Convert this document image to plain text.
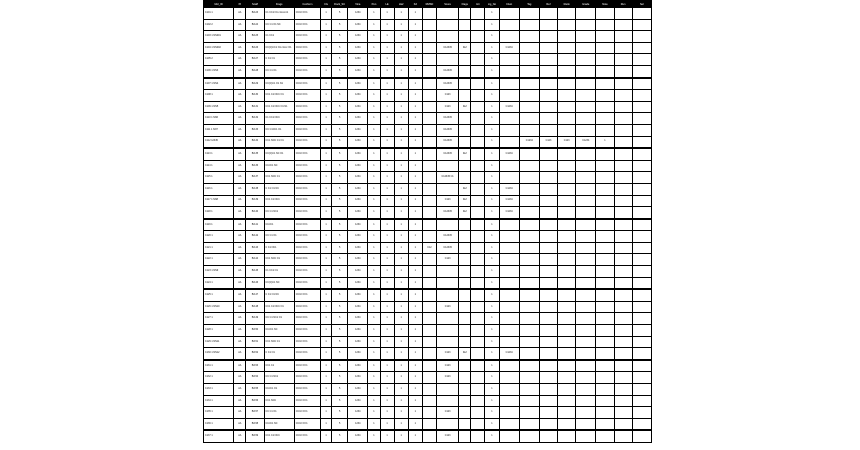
Mol_ID	Pt	Scaff	Frags	Conform	Cls	Dock_SC	Vina	Pen	LE	LE2	Kd	RMSD	Score	Flags	Hit	Lig_No	Clust	Tag	Ref	Rank	Grade	Note	Run	Sel
C101 1	AA	Br123	C1 CC1 N1 c1ccccc1	CC1N O=1	1	5	1234	1	1	1	1					1								
C102 2	AA	Br124	CC C1 O1 NC	CC1N O=1	1	5	1234	1	1	1	1					1								
C103 1 NN001	AA	Br125	C1 CC1	CC1N O=1	1	5	1234	1	1	1	1					1								
C104 1 NN002	AA	Br126	CC(C)CC1 N1 c1ccc O1	CC1N O=1	1	5	1234	1	1	1	1		C12345	Ref		1	C1234							
C105 2	AA	Br127	C C1 O1	CC1N O=1	1	5	1234	1	1	1	1					1								
C106 1 NN3	AA	Br128	CC C1 O1	CC1N O=1	1	5	1234	1	1	1	1		C12345			1								
C107 1 NN4	AA	Br129	CC(C)C1 O1 N1	CC1N O=1	1	5	1234	1	1	1	1		C12345			1								
C108 1	AA	Br130	CC1 C1 NCC O1	CC1N O=1	1	5	1234	1	1	1	1		C123			1								
C109 1 NN5	AA	Br131	CC1 C1 NCC O1 N1	CC1N O=1	1	5	1234	1	1	1	1		C123	Ref		1	C1234							
C110 1 NN6	AA	Br132	C1 CC1 NCC	CC1N O=1	1	5	1234	1	1	1	1		C12345			1								
C111 1 NN7	AA	Br133	CC C1CC1 O1	CC1N O=1	1	5	1234	1	1	1	1		C12345			1								
C112 12345	AA	Br134	CC1 NCC C1 O1	CC1N O=1	1	5	1234	1	1	1	1		C12345			1		C1234	C123	C123	C1234	1		
C113 1	AA	Br135	CC(C)C1 NC O1	CC1N O=1	1	5	1234	1	1	1	1		C12345	Ref		1	C1234							
C114 1	AA	Br136	C1CC1 NC	CC1N O=1	1	5	1234	1	1	1	1					1								
C115 1	AA	Br137	CC1 NCC C1	CC1N O=1	1	5	1234	1	1	1	1		C12345 C1			1								
C116 1	AA	Br138	C C1 O1 NC	CC1N O=1	1	5	1234	1	1	1	1			Ref		1	C1234							
C117 1 NN8	AA	Br139	CC1 C1 NCC	CC1N O=1	1	5	1234	1	1	1	1		C123	Ref		1	C1234							
C118 1	AA	Br140	CC C1 NC1	CC1N O=1	1	5	1234	1	1	1	1		C12345	Ref		1	C1234							
C119 1	AA	Br141	C1CC1	CC1N O=1	1	5	1234	1	1	1	1					1								
C120 1	AA	Br142	CC C1 O1	CC1N O=1	1	5	1234	1	1	1	1		C12345			1								
C121 1	AA	Br143	C C1 NC1	CC1N O=1	1	5	1234	1	1	1	1	C12	C12345			1								
C122 1	AA	Br144	CC1 NCC O1	CC1N O=1	1	5	1234	1	1	1	1		C123			1								
C123 1 NN9	AA	Br145	C1 CC1 O1	CC1N O=1	1	5	1234	1	1	1	1					1								
C124 1	AA	Br146	CC(C)C1 NC	CC1N O=1	1	5	1234	1	1	1	1					1								
C125 1	AA	Br147	C C1 O1 NC	CC1N O=1	1	5	1234	1	1	1	1					1								
C126 1 NN10	AA	Br148	CC1 C1 NCC O1	CC1N O=1	1	5	1234	1	1	1	1		C123			1								
C127 1	AA	Br149	CC C1 NC1 O1	CC1N O=1	1	5	1234	1	1	1	1					1								
C128 1	AA	Br150	C1CC1 NC	CC1N O=1	1	5	1234	1	1	1	1					1								
C129 1 NN11	AA	Br151	CC1 NCC C1	CC1N O=1	1	5	1234	1	1	1	1					1								
C130 1 NN12	AA	Br152	C C1 O1	CC1N O=1	1	5	1234	1	1	1	1		C123	Ref		1	C1234							
C131 1	AA	Br153	CC1 C1	CC1N O=1	1	5	1234	1	1	1	1		C123			1								
C132 1	AA	Br154	CC C1 NC1	CC1N O=1	1	5	1234	1	1	1	1		C123			1								
C133 1	AA	Br155	C1CC1 O1	CC1N O=1	1	5	1234	1	1	1	1					1								
C134 1	AA	Br156	CC1 NCC	CC1N O=1	1	5	1234	1	1	1	1					1								
C135 1	AA	Br157	CC C1 O1	CC1N O=1	1	5	1234	1	1	1	1		C123			1								
C136 1	AA	Br158	C1CC1 NC	CC1N O=1	1	5	1234	1	1	1	1					1								
C137 1	AA	Br159	CC1 C1 NCC	CC1N O=1	1	5	1234	1	1	1	1		C123			1								
